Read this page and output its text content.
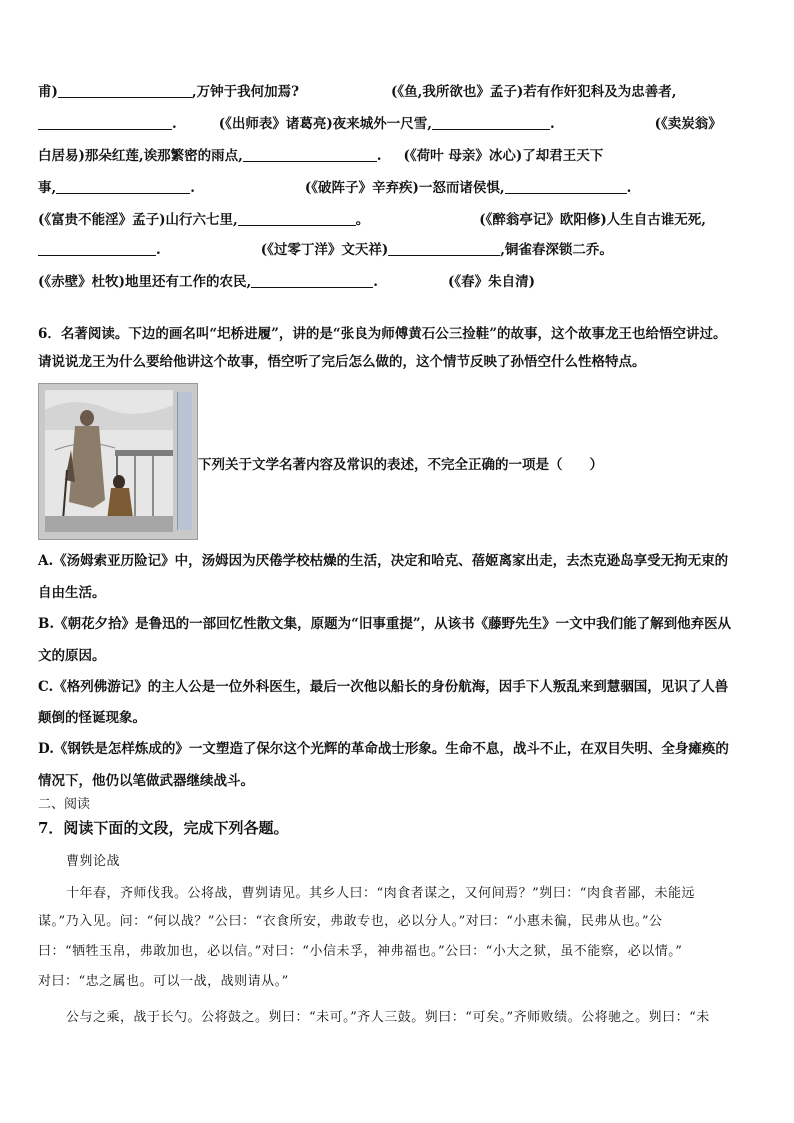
甫)	,万钟于我何加焉?	(《鱼,我所欲也》孟子)若有作奸犯科及为忠善者,
.	(《出师表》诸葛亮)夜来城外一尺雪,	.	(《卖炭翁》
白居易)那朵红莲,诶那繁密的雨点,	. (《荷叶 母亲》冰心)了却君王天下
事,	.	(《破阵子》辛弃疾)一怒而诸侯惧,	.
(《富贵不能淫》孟子)山行六七里,	。	(《醉翁亭记》欧阳修)人生自古谁无死,
.	(《过零丁洋》文天祥)	,铜雀春深锁二乔。
(《赤壁》杜牧)地里还有工作的农民,	.	(《春》朱自清)
6．名著阅读。下边的画名叫“圯桥进履”，讲的是“张良为师傅黄石公三捡鞋”的故事，这个故事龙王也给悟空讲过。
请说说龙王为什么要给他讲这个故事，悟空听了完后怎么做的，这个情节反映了孙悟空什么性格特点。
下列关于文学名著内容及常识的表述，不完全正确的一项是（　　）
A.《汤姆索亚历险记》中，汤姆因为厌倦学校枯燥的生活，决定和哈克、蓓姬离家出走，去杰克逊岛享受无拘无束的
自由生活。
B.《朝花夕拾》是鲁迅的一部回忆性散文集，原题为“旧事重提”，从该书《藤野先生》一文中我们能了解到他弃医从
文的原因。
C.《格列佛游记》的主人公是一位外科医生，最后一次他以船长的身份航海，因手下人叛乱来到慧骃国，见识了人兽
颠倒的怪诞现象。
D.《钢铁是怎样炼成的》一文塑造了保尔这个光辉的革命战士形象。生命不息，战斗不止，在双目失明、全身瘫痪的
情况下，他仍以笔做武器继续战斗。
二、阅读
7．阅读下面的文段，完成下列各题。
曹刿论战
十年春，齐师伐我。公将战，曹刿请见。其乡人曰：“肉食者谋之，又何间焉？”刿曰：“肉食者鄙，未能远
谋。”乃入见。问：“何以战？”公曰：“衣食所安，弗敢专也，必以分人。”对曰：“小惠未徧，民弗从也。”公
曰：“牺牲玉帛，弗敢加也，必以信。”对曰：“小信未孚，神弗福也。”公曰：“小大之狱，虽不能察，必以情。”
对曰：“忠之属也。可以一战，战则请从。”
公与之乘，战于长勺。公将鼓之。刿曰：“未可。”齐人三鼓。刿曰：“可矣。”齐师败绩。公将驰之。刿曰：“未
